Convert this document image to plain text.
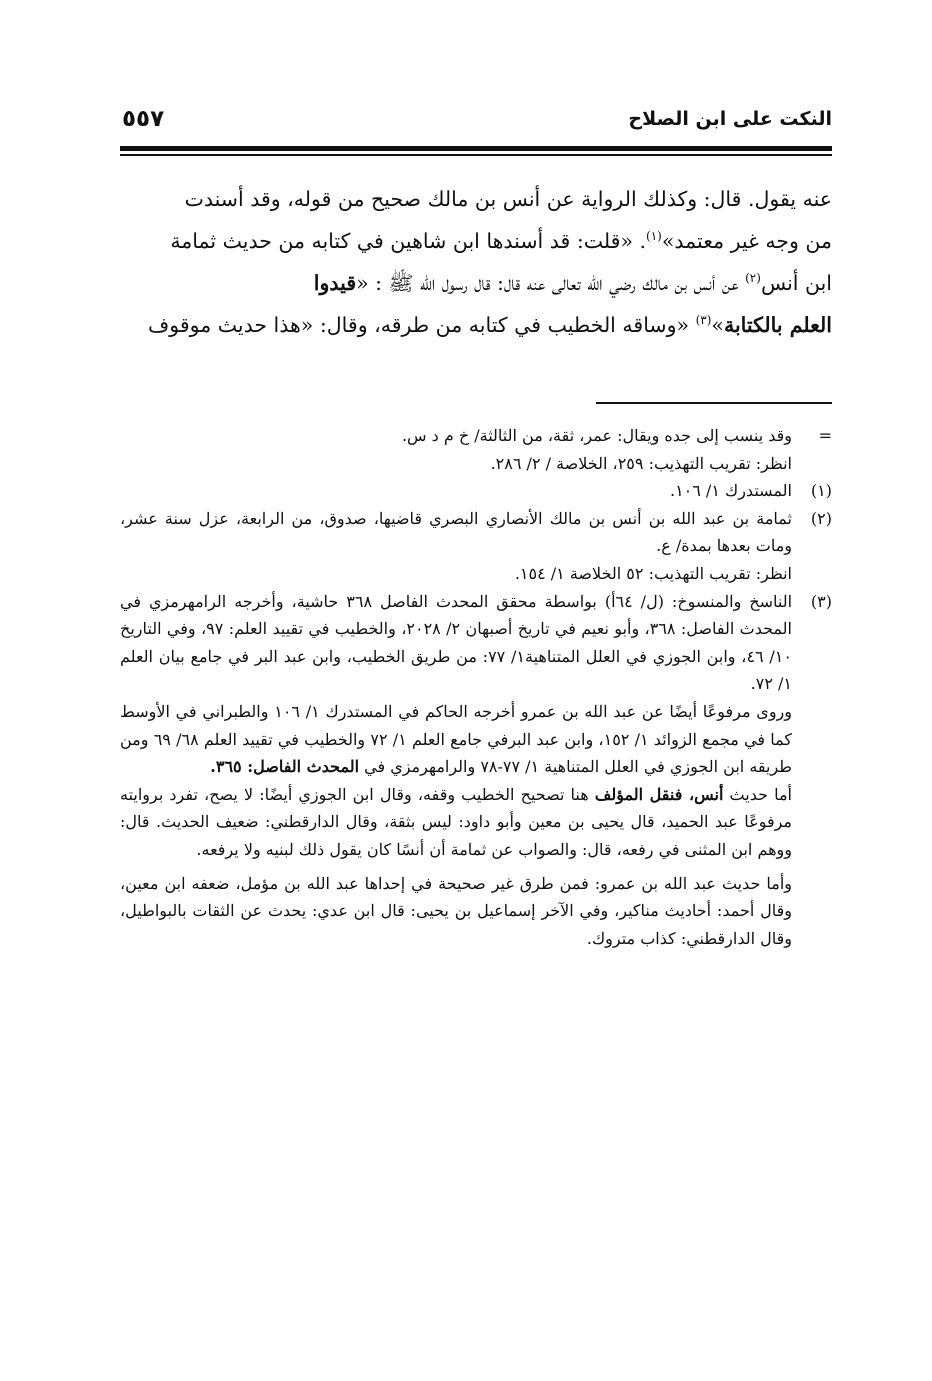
النكت على ابن الصلاح
٥٥٧

عنه يقول. قال: وكذلك الرواية عن أنس بن مالك صحيح من قوله، وقد أسندت

من وجه غير معتمد»$^{(١)}$. «قلت: قد أسندها ابن شاهين في كتابه من حديث ثمامة

ابن أنس$^{(٢)}$ عن أنس بن مالك رضي الله تعالى عنه قال: قال رسول الله ﷺ : «قيدوا

العلم بالكتابة»$^{(٣)}$ «وساقه الخطيب في كتابه من طرقه، وقال: «هذا حديث موقوف

=

وقد ينسب إلى جده ويقال: عمر، ثقة، من الثالثة/ خ م د س.

انظر: تقريب التهذيب: ٢٥٩، الخلاصة / ٢/ ٢٨٦.

(١)

المستدرك ١/ ١٠٦.

(٢)

ثمامة بن عبد الله بن أنس بن مالك الأنصاري البصري قاضيها، صدوق، من الرابعة، عزل سنة عشر، ومات بعدها بمدة/ ع.

انظر: تقريب التهذيب: ٥٢ الخلاصة ١/ ١٥٤.

(٣)

الناسخ والمنسوخ: (ل/ ٦٤أ) بواسطة محقق المحدث الفاصل ٣٦٨ حاشية، وأخرجه الرامهرمزي في المحدث الفاصل: ٣٦٨، وأبو نعيم في تاريخ أصبهان ٢/ ٢٠٢٨، والخطيب في تقييد العلم: ٩٧، وفي التاريخ ١٠/ ٤٦، وابن الجوزي في العلل المتناهية١/ ٧٧: من طريق الخطيب، وابن عبد البر في جامع بيان العلم ١/ ٧٢.

وروى مرفوعًا أيضًا عن عبد الله بن عمرو أخرجه الحاكم في المستدرك ١/ ١٠٦ والطبراني في الأوسط كما في مجمع الزوائد ١/ ١٥٢، وابن عبد البرفي جامع العلم ١/ ٧٢ والخطيب في تقييد العلم ٦٨/ ٦٩ ومن طريقه ابن الجوزي في العلل المتناهية ١/ ٧٧-٧٨ والرامهرمزي في المحدث الفاصل: ٣٦٥.

أما حديث أنس، فنقل المؤلف هنا تصحيح الخطيب وقفه، وقال ابن الجوزي أيضًا: لا يصح، تفرد بروايته مرفوعًا عبد الحميد، قال يحيى بن معين وأبو داود: ليس بثقة، وقال الدارقطني: ضعيف الحديث. قال: ووهم ابن المثنى في رفعه، قال: والصواب عن ثمامة أن أنسًا كان يقول ذلك لبنيه ولا يرفعه.

وأما حديث عبد الله بن عمرو: فمن طرق غير صحيحة في إحداها عبد الله بن مؤمل، ضعفه ابن معين، وقال أحمد: أحاديث مناكير، وفي الآخر إسماعيل بن يحيى: قال ابن عدي: يحدث عن الثقات بالبواطيل، وقال الدارقطني: كذاب متروك.
